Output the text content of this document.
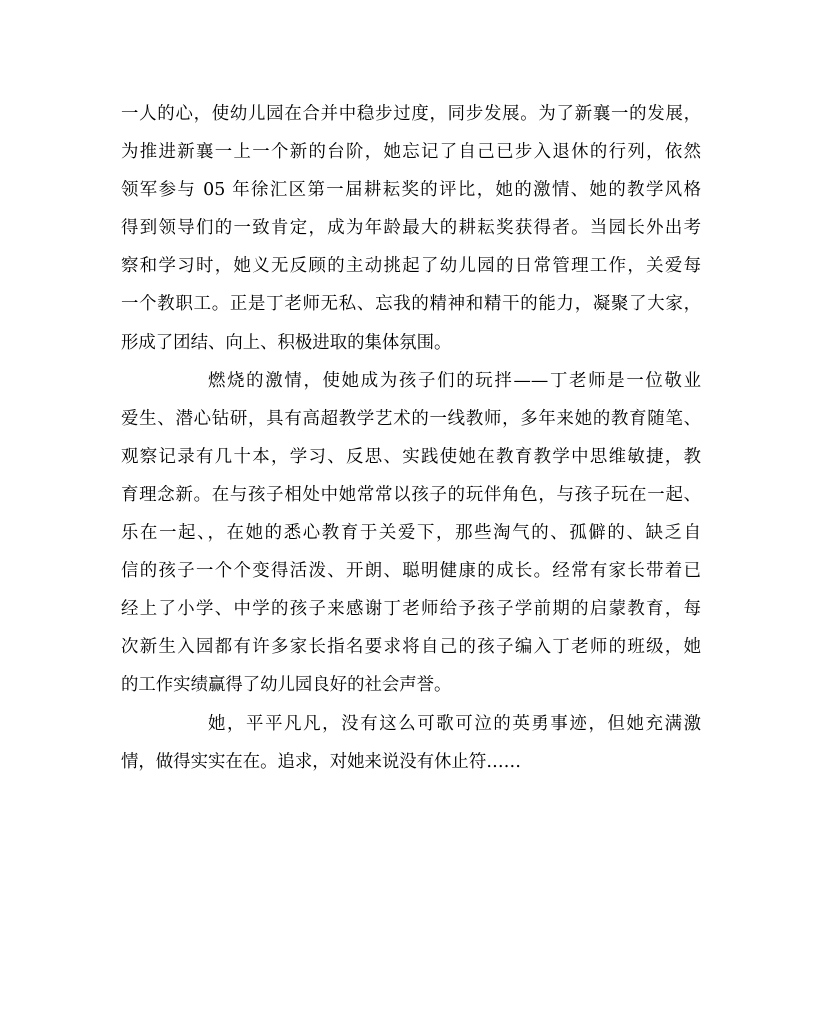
一人的心，使幼儿园在合并中稳步过度，同步发展。为了新襄一的发展，
为推进新襄一上一个新的台阶，她忘记了自己已步入退休的行列，依然
领军参与 05 年徐汇区第一届耕耘奖的评比，她的激情、她的教学风格
得到领导们的一致肯定，成为年龄最大的耕耘奖获得者。当园长外出考
察和学习时，她义无反顾的主动挑起了幼儿园的日常管理工作，关爱每
一个教职工。正是丁老师无私、忘我的精神和精干的能力，凝聚了大家，
形成了团结、向上、积极进取的集体氛围。
燃烧的激情，使她成为孩子们的玩拌——丁老师是一位敬业
爱生、潜心钻研，具有高超教学艺术的一线教师，多年来她的教育随笔、
观察记录有几十本，学习、反思、实践使她在教育教学中思维敏捷，教
育理念新。在与孩子相处中她常常以孩子的玩伴角色，与孩子玩在一起、
乐在一起、，在她的悉心教育于关爱下，那些淘气的、孤僻的、缺乏自
信的孩子一个个变得活泼、开朗、聪明健康的成长。经常有家长带着已
经上了小学、中学的孩子来感谢丁老师给予孩子学前期的启蒙教育，每
次新生入园都有许多家长指名要求将自己的孩子编入丁老师的班级，她
的工作实绩赢得了幼儿园良好的社会声誉。
她，平平凡凡，没有这么可歌可泣的英勇事迹，但她充满激
情，做得实实在在。追求，对她来说没有休止符……
